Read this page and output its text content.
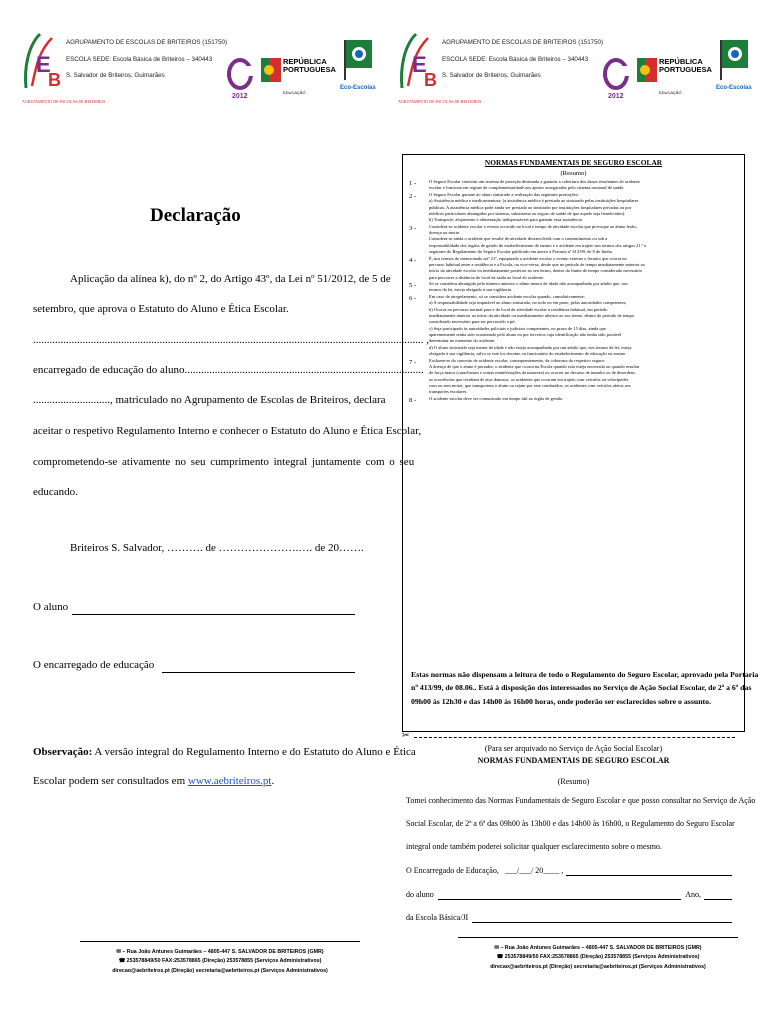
E
B
AGRUPAMENTO DE ESCOLAS DE BRITEIROS
AGRUPAMENTO DE ESCOLAS DE BRITEIROS (151750)
ESCOLA SEDE: Escola Básica de Briteiros – 340443
S. Salvador de Briteiros, Guimarães
2012
REPÚBLICA
PORTUGUESA
EDUCAÇÃO
Eco-Escolas
E
B
AGRUPAMENTO DE ESCOLAS DE BRITEIROS
AGRUPAMENTO DE ESCOLAS DE BRITEIROS (151750)
ESCOLA SEDE: Escola Básica de Briteiros – 340443
S. Salvador de Briteiros, Guimarães
2012
REPÚBLICA
PORTUGUESA
EDUCAÇÃO
Eco-Escolas
Declaração
Aplicação da alínea k), do nº 2, do Artigo 43º, da Lei nº 51/2012, de 5 de
setembro, que aprova o Estatuto do Aluno e Ética Escolar.
.............................................................................................................................................. ,
encarregado de educação do aluno.......................................................................................
............................, matriculado no Agrupamento de Escolas de Briteiros, declara
aceitar o respetivo Regulamento Interno e conhecer o Estatuto do Aluno e Ética Escolar,
comprometendo-se ativamente no seu cumprimento integral juntamente com o seu
educando.
Briteiros S. Salvador, ………. de ………………….…. de 20…….
O aluno
O encarregado de educação
Observação: A versão integral do Regulamento Interno e do Estatuto do Aluno e Ética
Escolar podem ser consultados em www.aebriteiros.pt.
NORMAS FUNDAMENTAIS DE SEGURO ESCOLAR
(Resumo)
1 -	O Seguro Escolar constitui um sistema de proteção destinado a garantir a cobertura dos danos resultantes do acidente
escolar e funciona em regime de complementaridade aos apoios assegurados pelo sistema nacional de saúde.
2 -	O Seguro Escolar garante ao aluno sinistrado a realização das seguintes prestações:
a) Assistência médica e medicamentosa; (a assistência médica é prestada ao sinistrado pelas instituições hospitalares
públicas. A assistência médica pode ainda ser prestada ao sinistrado por instituições hospitalares privadas ou por
médicos particulares abrangidos por sistema, subsistema ou seguro de saúde de que aquele seja beneficiário).
b) Transporte, alojamento e alimentação indispensáveis para garantir essa assistência.
3 -	Considera-se acidente escolar o evento ocorrido no local e tempo de atividade escolar que provoque ao aluno lesão,
doença ou morte.
Considera-se ainda o acidente que resulte de atividade desenvolvida com o consentimento ou sob a
responsabilidade dos órgãos de gestão do estabelecimento de ensino e o acidente em trajeto nos termos dos artigos 21.º e
seguintes do Regulamento do Seguro Escolar publicado em anexo à Portaria nº 413/99, de 8 de Junho.
4 -	É, nos termos do mencionado artº 21º, equiparado a acidente escolar o evento externo e fortuito que ocorra no
percurso habitual entre a residência e a Escola, ou vice-versa, desde que no período de tempo imediatamente anterior ao
início da atividade escolar ou imediatamente posterior ao seu termo, dentro do limite de tempo considerado necessário
para percorrer a distância do local da saída ao local do acidente.
5 -	Só se considera abrangido pelo número anterior o aluno menor de idade não acompanhado por adulto que, nos
termos da lei, esteja obrigado à sua vigilância.
6 -	Em caso de atropelamento, só se considera acidente escolar quando, cumulativamente:
a) A responsabilidade seja imputável ao aluno sinistrado, no todo ou em parte, pelas autoridades competentes;
b) Ocorra no percurso normal para e do local de atividade escolar à residência habitual, em período
imediatamente anterior ao início da atividade ou imediatamente ulterior ao seu termo, dentro do período de tempo
considerado necessário para ser percorrido a pé;
c) Seja participado às autoridades policiais e judiciais competentes, no prazo de 15 dias, ainda que
aparentemente tenha sido ocasionado pelo aluno ou por terceiros cuja identificação não tenha sido possível
determinar no momento do acidente;
d) O aluno sinistrado seja menor de idade e não esteja acompanhado por um adulto que, nos termos da lei, esteja
obrigado à sua vigilância, salvo se este for docente ou funcionário do estabelecimento de educação ou ensino.
7 -	Excluem-se do conceito de acidente escolar, consequentemente, da cobertura do respetivo seguro:
A doença de que o aluno é portador; o acidente que ocorra na Escola quando esta esteja encerrada ou quando resultar
de força maior (cataclismos e outras manifestações da natureza) ou ocorrer no decurso de tumulto ou de desordem;
as ocorrências que resultam de atos danosos; os acidentes que ocorram em trajeto com veículos ou velocípedes
com ou sem motor, que transportem o aluno ou sejam por este conduzidos; os acidentes com veículos afetos aos
transportes escolares.
8 -	O acidente escolar deve ser comunicado em tempo útil ao órgão de gestão.
Estas normas não dispensam a leitura de todo o Regulamento do Seguro Escolar, aprovado pela Portaria
nº 413/99, de 08.06.. Está à disposição dos interessados no Serviço de Ação Social Escolar, de 2ª a 6ª das
09h00 às 12h30 e das 14h00 às 16h00 horas, onde poderão ser esclarecidos sobre o assunto.
✂
(Para ser arquivado no Serviço de Ação Social Escolar)
NORMAS FUNDAMENTAIS DE SEGURO ESCOLAR
(Resumo)
Tomei conhecimento das Normas Fundamentais de Seguro Escolar e que posso consultar no Serviço de Ação
Social Escolar, de 2ª a 6ª das 09h00 às 13h00 e das 14h00 às 16h00, o Regulamento do Seguro Escolar
integral onde também poderei solicitar qualquer esclarecimento sobre o mesmo.
O Encarregado de Educação, ___/___/ 20____ ,
do aluno	Ano,
da Escola Básica/JI
✉ – Rua João Antunes Guimarães – 4805-447 S. SALVADOR DE BRITEIROS (GMR)
☎ 253578849/50 FAX:253578865 (Direção) 253578855 (Serviços Administrativos)
direcao@aebriteiros.pt (Direção) secretaria@aebriteiros.pt (Serviços Administrativos)
✉ – Rua João Antunes Guimarães – 4805-447 S. SALVADOR DE BRITEIROS (GMR)
☎ 253578849/50 FAX:253578865 (Direção) 253578855 (Serviços Administrativos)
direcao@aebriteiros.pt (Direção) secretaria@aebriteiros.pt (Serviços Administrativos)
